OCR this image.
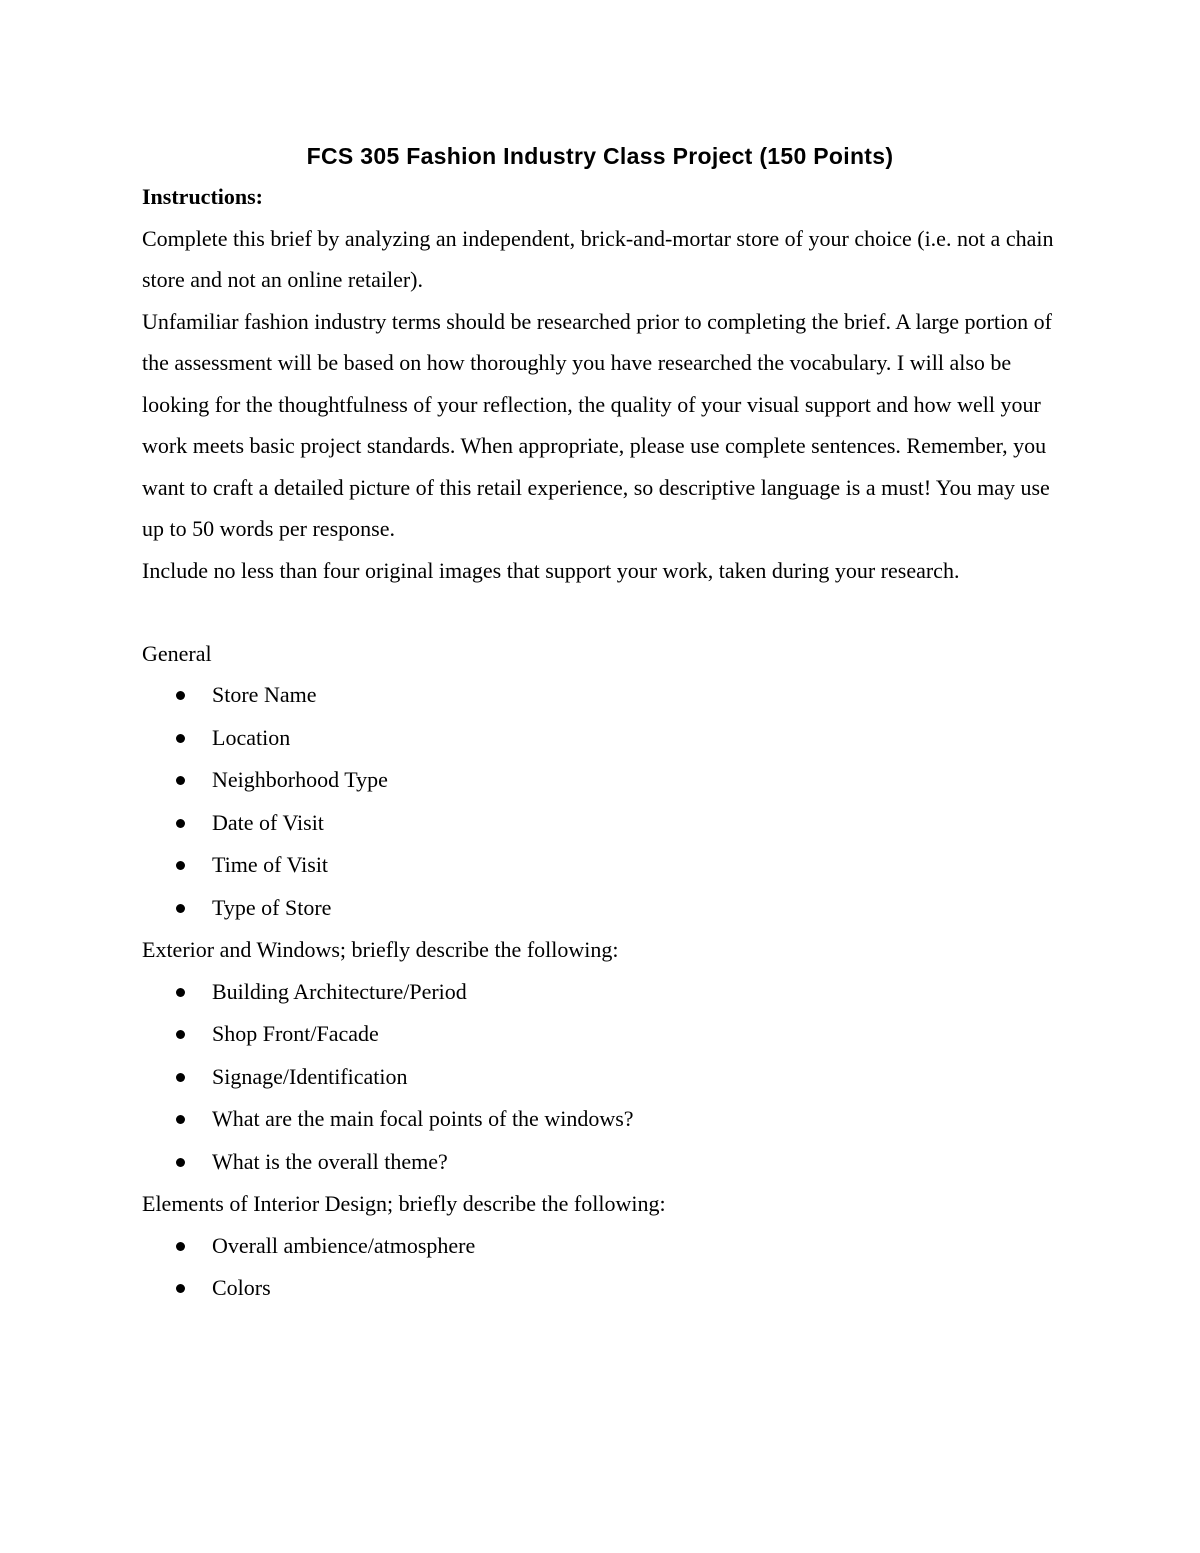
FCS 305 Fashion Industry Class Project (150 Points)

Instructions:

Complete this brief by analyzing an independent, brick-and-mortar store of your choice (i.e. not a chain store and not an online retailer).

Unfamiliar fashion industry terms should be researched prior to completing the brief. A large portion of the assessment will be based on how thoroughly you have researched the vocabulary. I will also be looking for the thoughtfulness of your reflection, the quality of your visual support and how well your work meets basic project standards. When appropriate, please use complete sentences. Remember, you want to craft a detailed picture of this retail experience, so descriptive language is a must! You may use up to 50 words per response.

Include no less than four original images that support your work, taken during your research.

General

Store Name
Location
Neighborhood Type
Date of Visit
Time of Visit
Type of Store

Exterior and Windows; briefly describe the following:

Building Architecture/Period
Shop Front/Facade
Signage/Identification
What are the main focal points of the windows?
What is the overall theme?

Elements of Interior Design; briefly describe the following:

Overall ambience/atmosphere
Colors
